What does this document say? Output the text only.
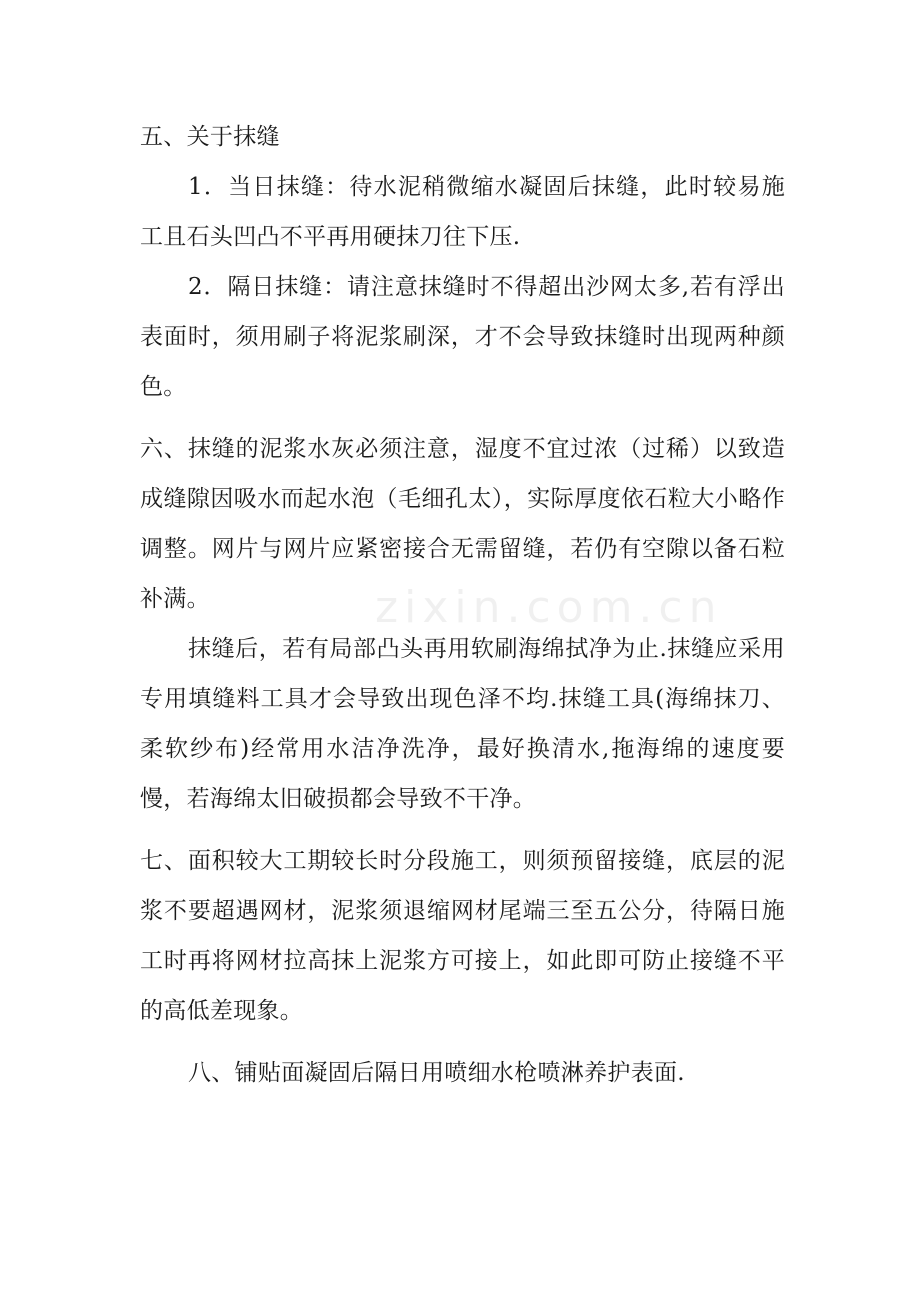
五、关于抹缝

1．当日抹缝：待水泥稍微缩水凝固后抹缝，此时较易施工且石头凹凸不平再用硬抹刀往下压.

2．隔日抹缝：请注意抹缝时不得超出沙网太多,若有浮出表面时，须用刷子将泥浆刷深，才不会导致抹缝时出现两种颜色。

六、抹缝的泥浆水灰必须注意，湿度不宜过浓（过稀）以致造成缝隙因吸水而起水泡（毛细孔太），实际厚度依石粒大小略作调整。网片与网片应紧密接合无需留缝，若仍有空隙以备石粒补满。

抹缝后，若有局部凸头再用软刷海绵拭净为止.抹缝应采用专用填缝料工具才会导致出现色泽不均.抹缝工具(海绵抹刀、柔软纱布)经常用水洁净洗净，最好换清水,拖海绵的速度要慢，若海绵太旧破损都会导致不干净。

七、面积较大工期较长时分段施工，则须预留接缝，底层的泥浆不要超遇网材，泥浆须退缩网材尾端三至五公分，待隔日施工时再将网材拉高抹上泥浆方可接上，如此即可防止接缝不平的高低差现象。

八、铺贴面凝固后隔日用喷细水枪喷淋养护表面.

zixin.com.cn
